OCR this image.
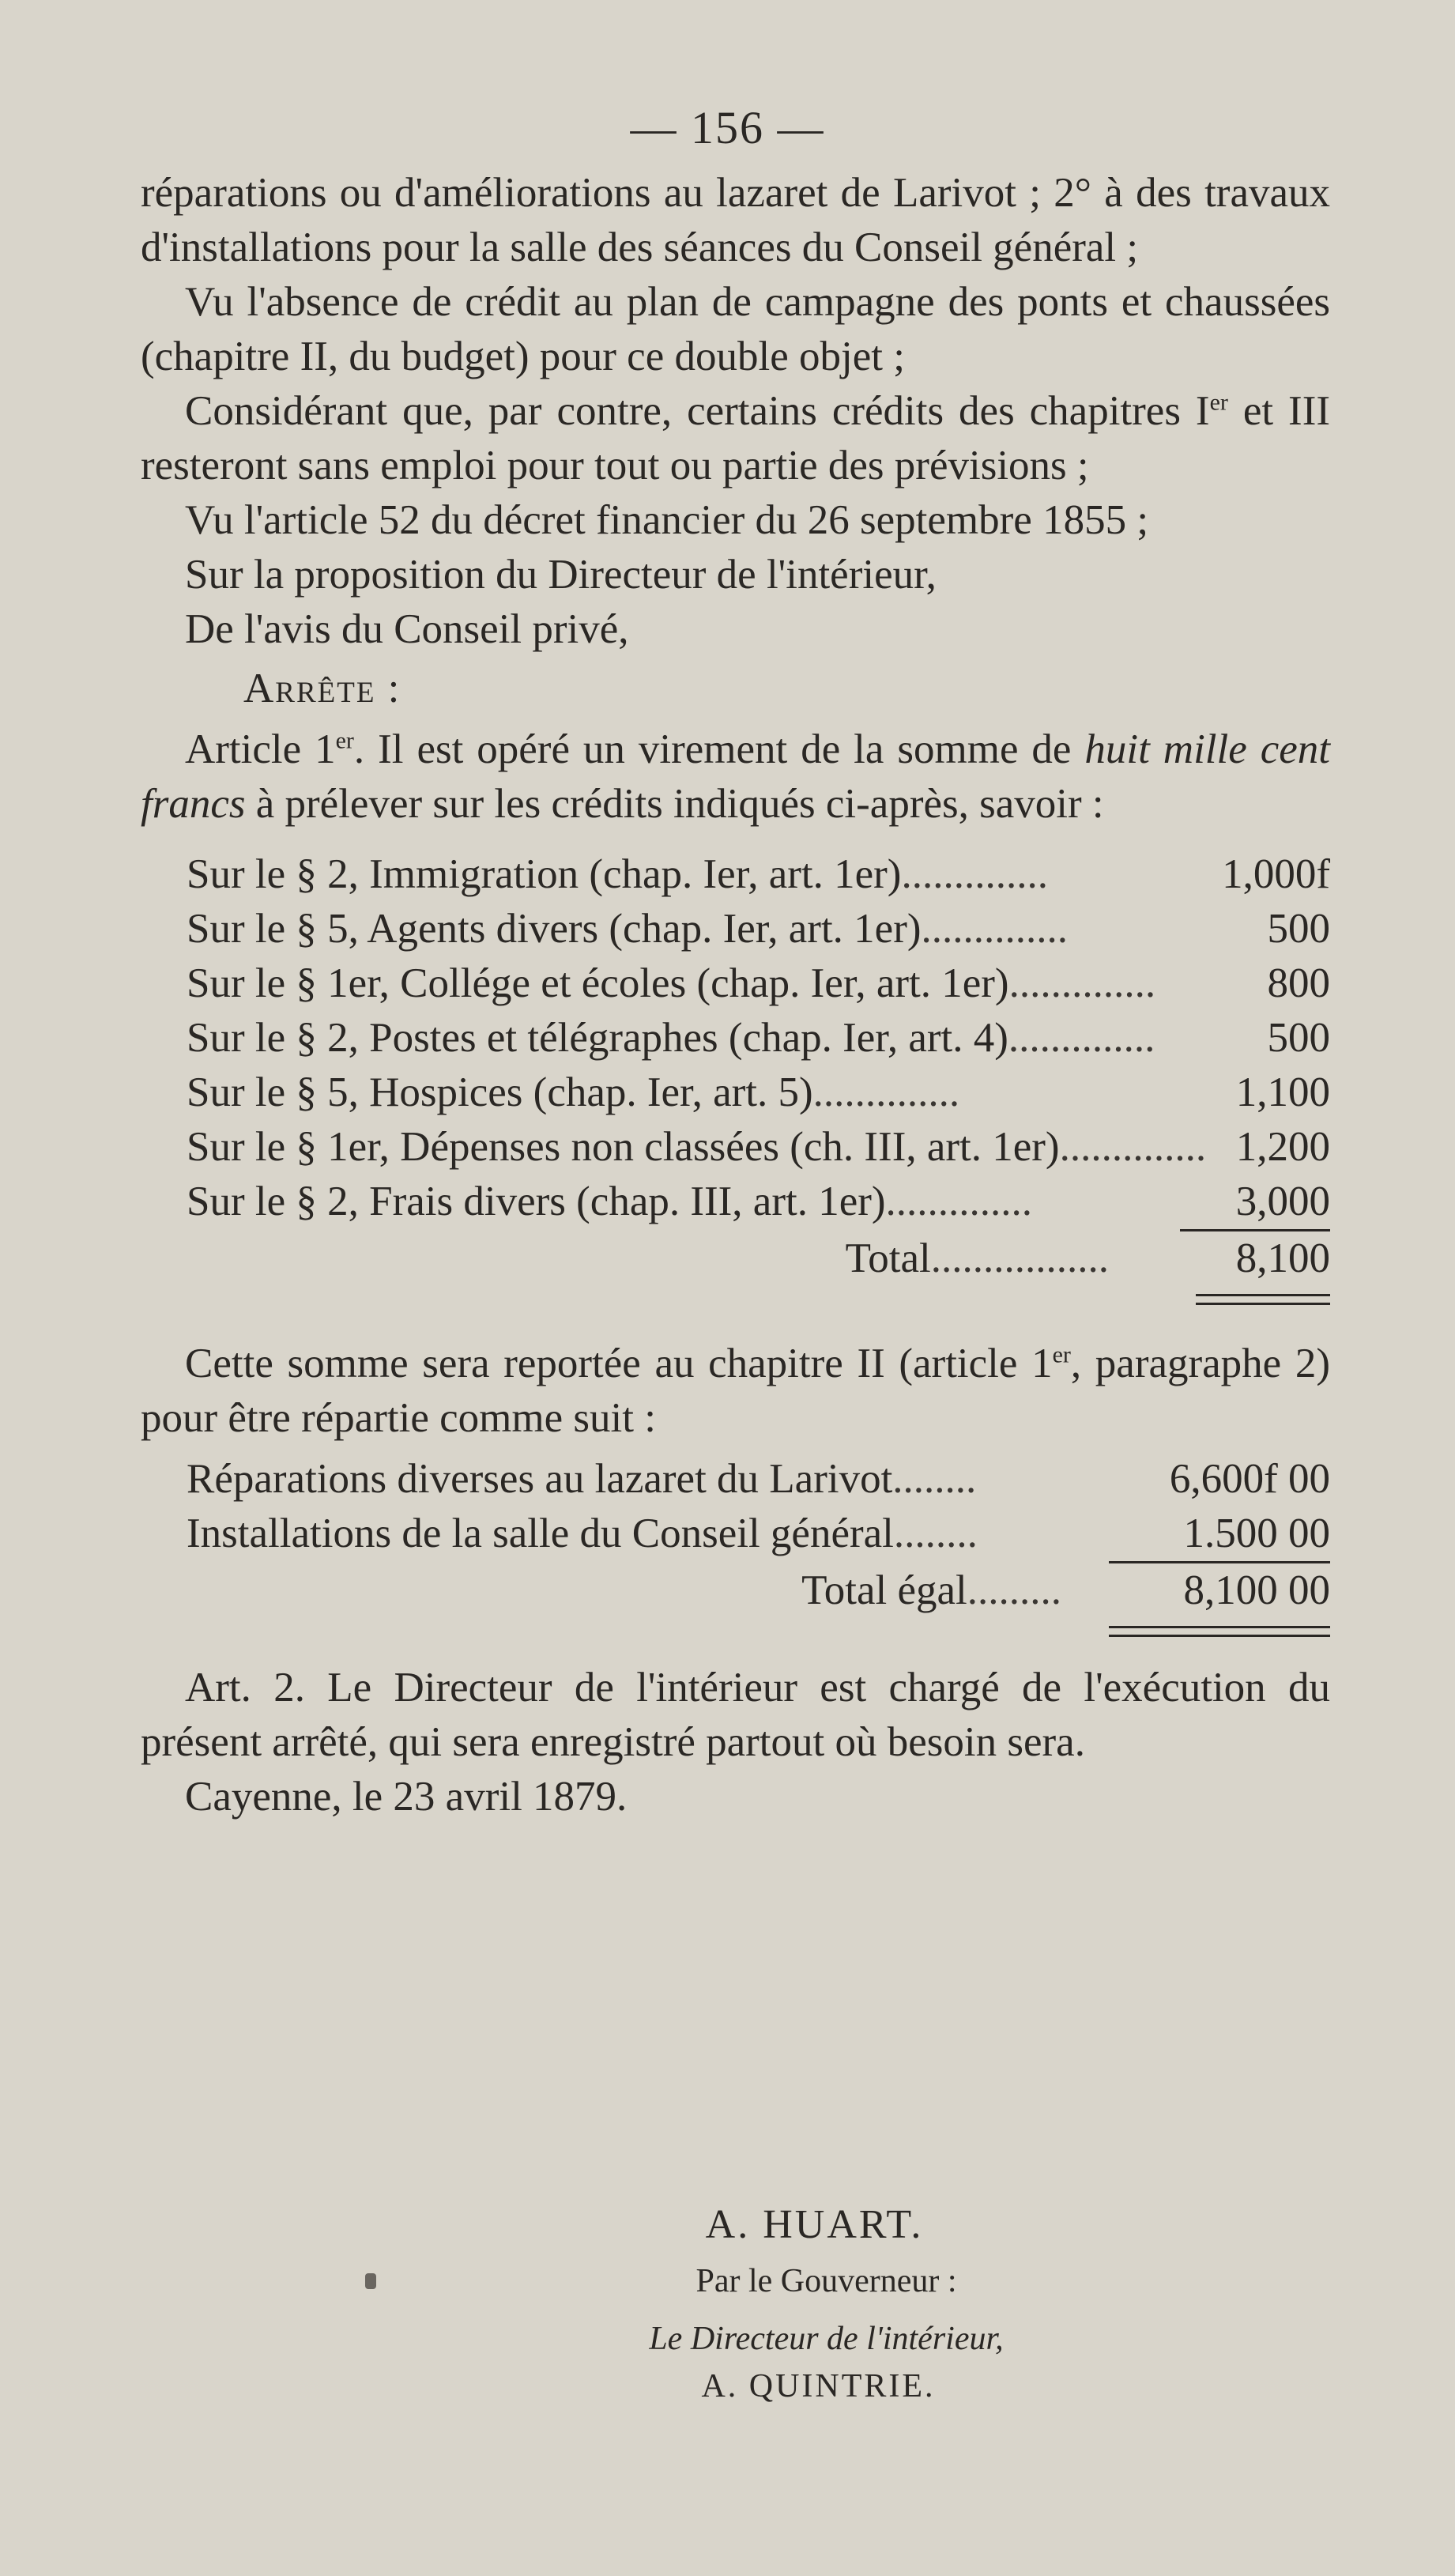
— 156 —

réparations ou d'améliorations au lazaret de Larivot ; 2° à des travaux d'installations pour la salle des séances du Conseil général ;

Vu l'absence de crédit au plan de campagne des ponts et chaussées (chapitre II, du budget) pour ce double objet ;

Considérant que, par contre, certains crédits des chapitres Ier et III resteront sans emploi pour tout ou partie des prévisions ;

Vu l'article 52 du décret financier du 26 septembre 1855 ;

Sur la proposition du Directeur de l'intérieur,

De l'avis du Conseil privé,

Arrête :

Article 1er. Il est opéré un virement de la somme de huit mille cent francs à prélever sur les crédits indiqués ci-après, savoir :

Sur le § 2, Immigration (chap. Ier, art. 1er)..............	1,000f
Sur le § 5, Agents divers (chap. Ier, art. 1er)..............	500
Sur le § 1er, Collége et écoles (chap. Ier, art. 1er)..............	800
Sur le § 2, Postes et télégraphes (chap. Ier, art. 4)..............	500
Sur le § 5, Hospices (chap. Ier, art. 5)..............	1,100
Sur le § 1er, Dépenses non classées (ch. III, art. 1er).............. 1,200
Sur le § 2, Frais divers (chap. III, art. 1er)..............	3,000
Total.................	8,100

Cette somme sera reportée au chapitre II (article 1er, paragraphe 2) pour être répartie comme suit :

Réparations diverses au lazaret du Larivot........	6,600f 00
Installations de la salle du Conseil général........	1.500 00
Total égal.........	8,100 00

Art. 2. Le Directeur de l'intérieur est chargé de l'exécution du présent arrêté, qui sera enregistré partout où besoin sera.

Cayenne, le 23 avril 1879.

A. HUART.
Par le Gouverneur :
Le Directeur de l'intérieur,
A. QUINTRIE.
